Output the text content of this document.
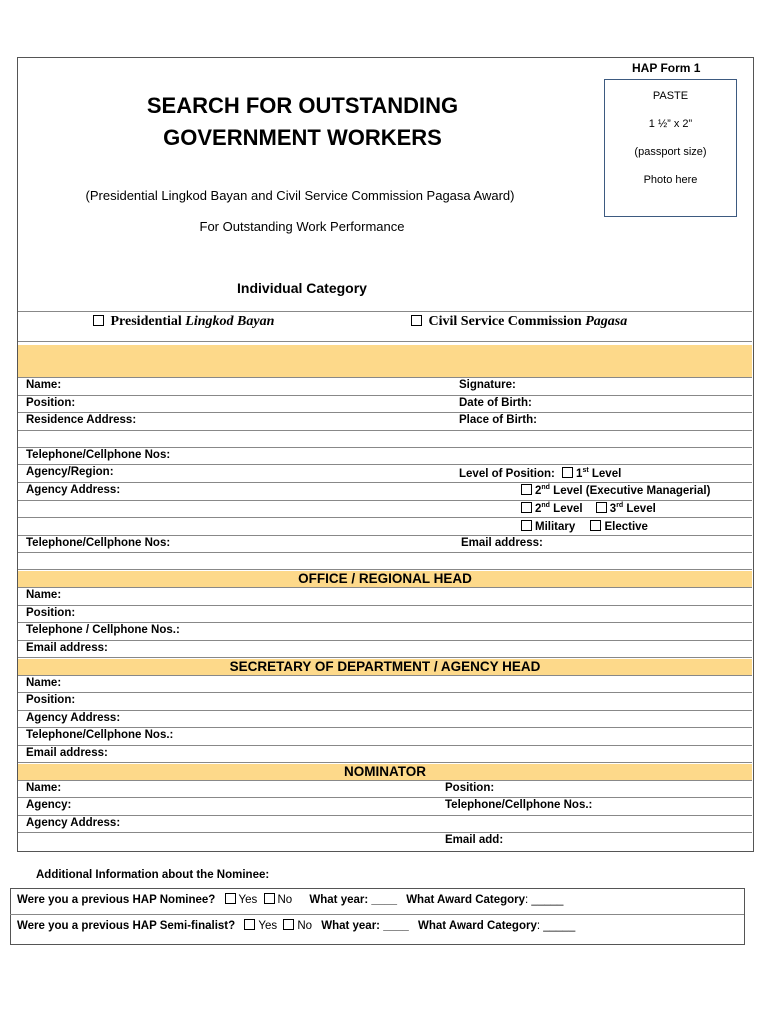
HAP Form 1
PASTE
1 ½” x 2”
(passport size)
Photo here
SEARCH FOR OUTSTANDING
GOVERNMENT WORKERS
(Presidential Lingkod Bayan and Civil Service Commission Pagasa Award)
For Outstanding Work Performance
Individual Category
Presidential Lingkod Bayan	Civil Service Commission Pagasa
Name:	Signature:
Position:	Date of Birth:
Residence Address:	Place of Birth:
Telephone/Cellphone Nos:
Agency/Region:	Level of Position: 1st Level
Agency Address:	2nd Level (Executive Managerial)
2nd Level 3rd Level
Military	Elective
Telephone/Cellphone Nos:	Email address:
OFFICE / REGIONAL HEAD
Name:
Position:
Telephone / Cellphone Nos.:
Email address:
SECRETARY OF DEPARTMENT / AGENCY HEAD
Name:
Position:
Agency Address:
Telephone/Cellphone Nos.:
Email address:
NOMINATOR
Name:	Position:
Agency:	Telephone/Cellphone Nos.:
Agency Address:
Email add:
Additional Information about the Nominee:
Were you a previous HAP Nominee? Yes No What year: ____ What Award Category: _____
Were you a previous HAP Semi-finalist? Yes No What year: ____ What Award Category: _____
